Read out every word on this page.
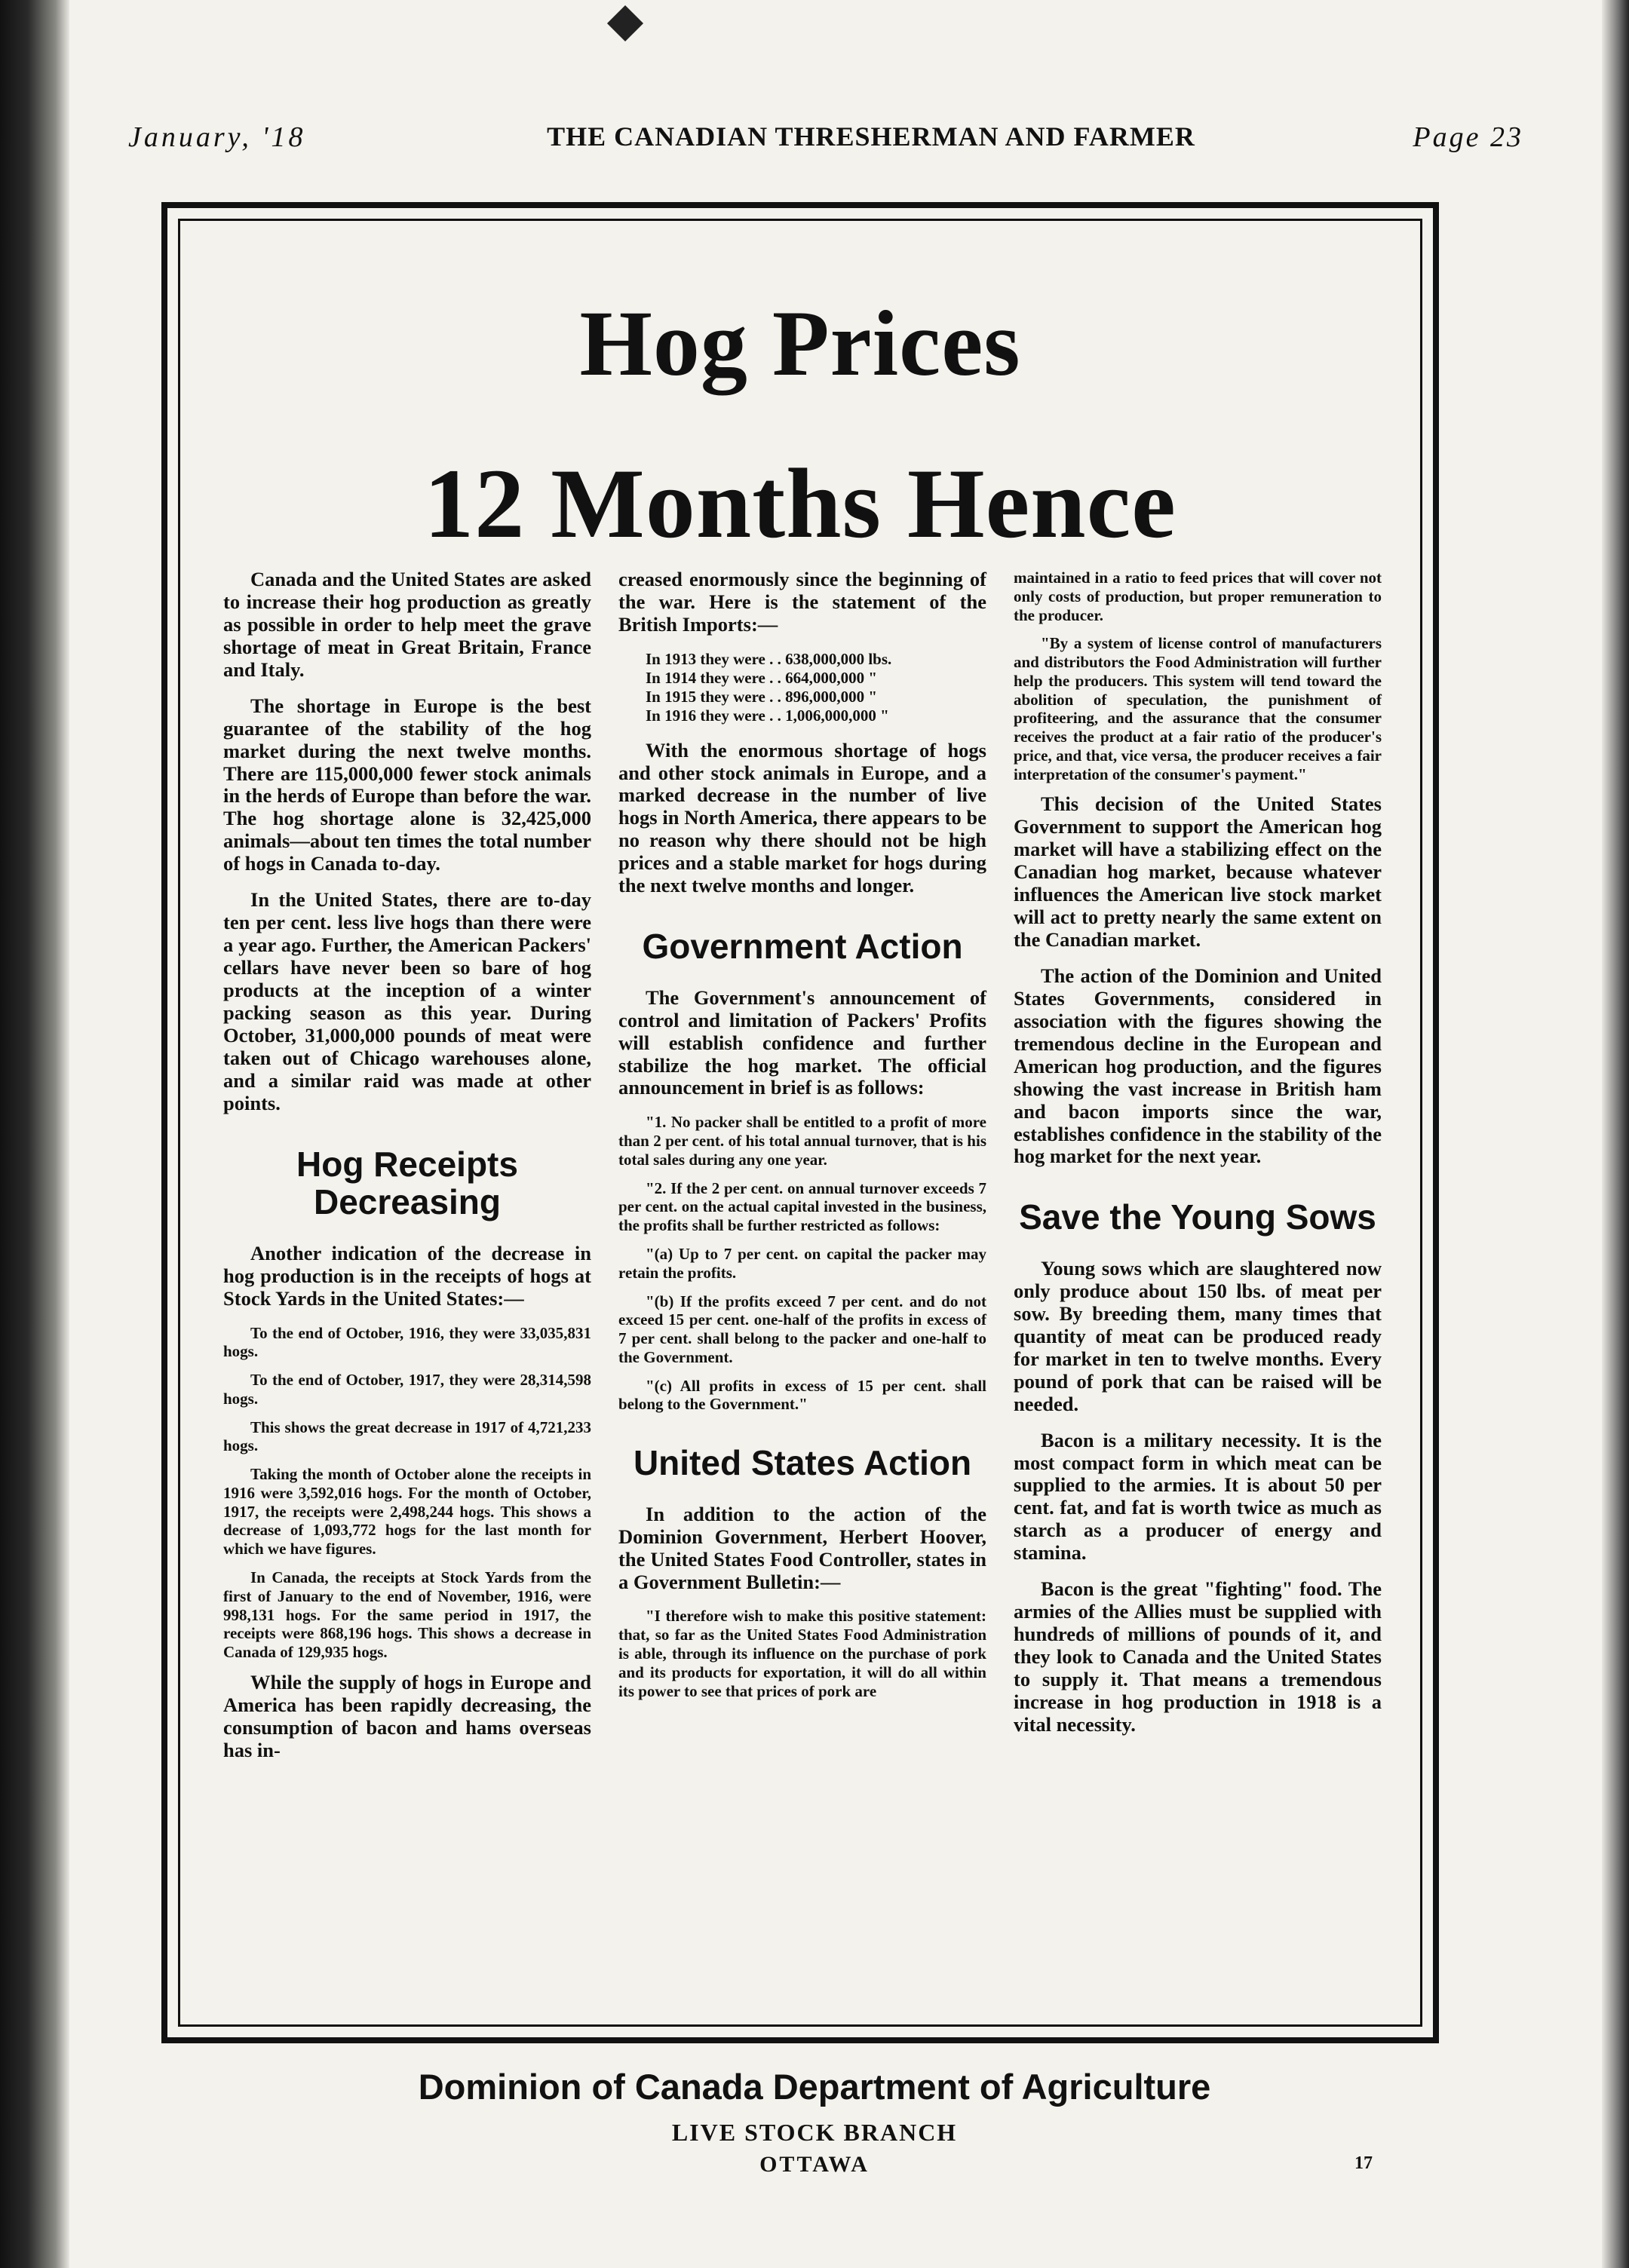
January, '18	THE CANADIAN THRESHERMAN AND FARMER	Page 23
Hog Prices
12 Months Hence

Canada and the United States are asked to increase their hog production as greatly as possible in order to help meet the grave shortage of meat in Great Britain, France and Italy.

The shortage in Europe is the best guarantee of the stability of the hog market during the next twelve months. There are 115,000,000 fewer stock animals in the herds of Europe than before the war. The hog shortage alone is 32,425,000 animals—about ten times the total number of hogs in Canada to-day.

In the United States, there are to-day ten per cent. less live hogs than there were a year ago. Further, the American Packers' cellars have never been so bare of hog products at the inception of a winter packing season as this year. During October, 31,000,000 pounds of meat were taken out of Chicago warehouses alone, and a similar raid was made at other points.

Hog Receipts Decreasing

Another indication of the decrease in hog production is in the receipts of hogs at Stock Yards in the United States:—

To the end of October, 1916, they were 33,035,831 hogs.

To the end of October, 1917, they were 28,314,598 hogs.

This shows the great decrease in 1917 of 4,721,233 hogs.

Taking the month of October alone the receipts in 1916 were 3,592,016 hogs. For the month of October, 1917, the receipts were 2,498,244 hogs. This shows a decrease of 1,093,772 hogs for the last month for which we have figures.

In Canada, the receipts at Stock Yards from the first of January to the end of November, 1916, were 998,131 hogs. For the same period in 1917, the receipts were 868,196 hogs. This shows a decrease in Canada of 129,935 hogs.

While the supply of hogs in Europe and America has been rapidly decreasing, the consumption of bacon and hams overseas has in-

creased enormously since the beginning of the war. Here is the statement of the British Imports:—

In 1913 they were . . 638,000,000 lbs.
In 1914 they were . . 664,000,000 "
In 1915 they were . . 896,000,000 "
In 1916 they were . . 1,006,000,000 "

With the enormous shortage of hogs and other stock animals in Europe, and a marked decrease in the number of live hogs in North America, there appears to be no reason why there should not be high prices and a stable market for hogs during the next twelve months and longer.

Government Action

The Government's announcement of control and limitation of Packers' Profits will establish confidence and further stabilize the hog market. The official announcement in brief is as follows:

"1. No packer shall be entitled to a profit of more than 2 per cent. of his total annual turnover, that is his total sales during any one year.

"2. If the 2 per cent. on annual turnover exceeds 7 per cent. on the actual capital invested in the business, the profits shall be further restricted as follows:

"(a) Up to 7 per cent. on capital the packer may retain the profits.

"(b) If the profits exceed 7 per cent. and do not exceed 15 per cent. one-half of the profits in excess of 7 per cent. shall belong to the packer and one-half to the Government.

"(c) All profits in excess of 15 per cent. shall belong to the Government."

United States Action

In addition to the action of the Dominion Government, Herbert Hoover, the United States Food Controller, states in a Government Bulletin:—

"I therefore wish to make this positive statement: that, so far as the United States Food Administration is able, through its influence on the purchase of pork and its products for exportation, it will do all within its power to see that prices of pork are

maintained in a ratio to feed prices that will cover not only costs of production, but proper remuneration to the producer.

"By a system of license control of manufacturers and distributors the Food Administration will further help the producers. This system will tend toward the abolition of speculation, the punishment of profiteering, and the assurance that the consumer receives the product at a fair ratio of the producer's price, and that, vice versa, the producer receives a fair interpretation of the consumer's payment."

This decision of the United States Government to support the American hog market will have a stabilizing effect on the Canadian hog market, because whatever influences the American live stock market will act to pretty nearly the same extent on the Canadian market.

The action of the Dominion and United States Governments, considered in association with the figures showing the tremendous decline in the European and American hog production, and the figures showing the vast increase in British ham and bacon imports since the war, establishes confidence in the stability of the hog market for the next year.

Save the Young Sows

Young sows which are slaughtered now only produce about 150 lbs. of meat per sow. By breeding them, many times that quantity of meat can be produced ready for market in ten to twelve months. Every pound of pork that can be raised will be needed.

Bacon is a military necessity. It is the most compact form in which meat can be supplied to the armies. It is about 50 per cent. fat, and fat is worth twice as much as starch as a producer of energy and stamina.

Bacon is the great "fighting" food. The armies of the Allies must be supplied with hundreds of millions of pounds of it, and they look to Canada and the United States to supply it. That means a tremendous increase in hog production in 1918 is a vital necessity.

Dominion of Canada Department of Agriculture
LIVE STOCK BRANCH
OTTAWA	17
